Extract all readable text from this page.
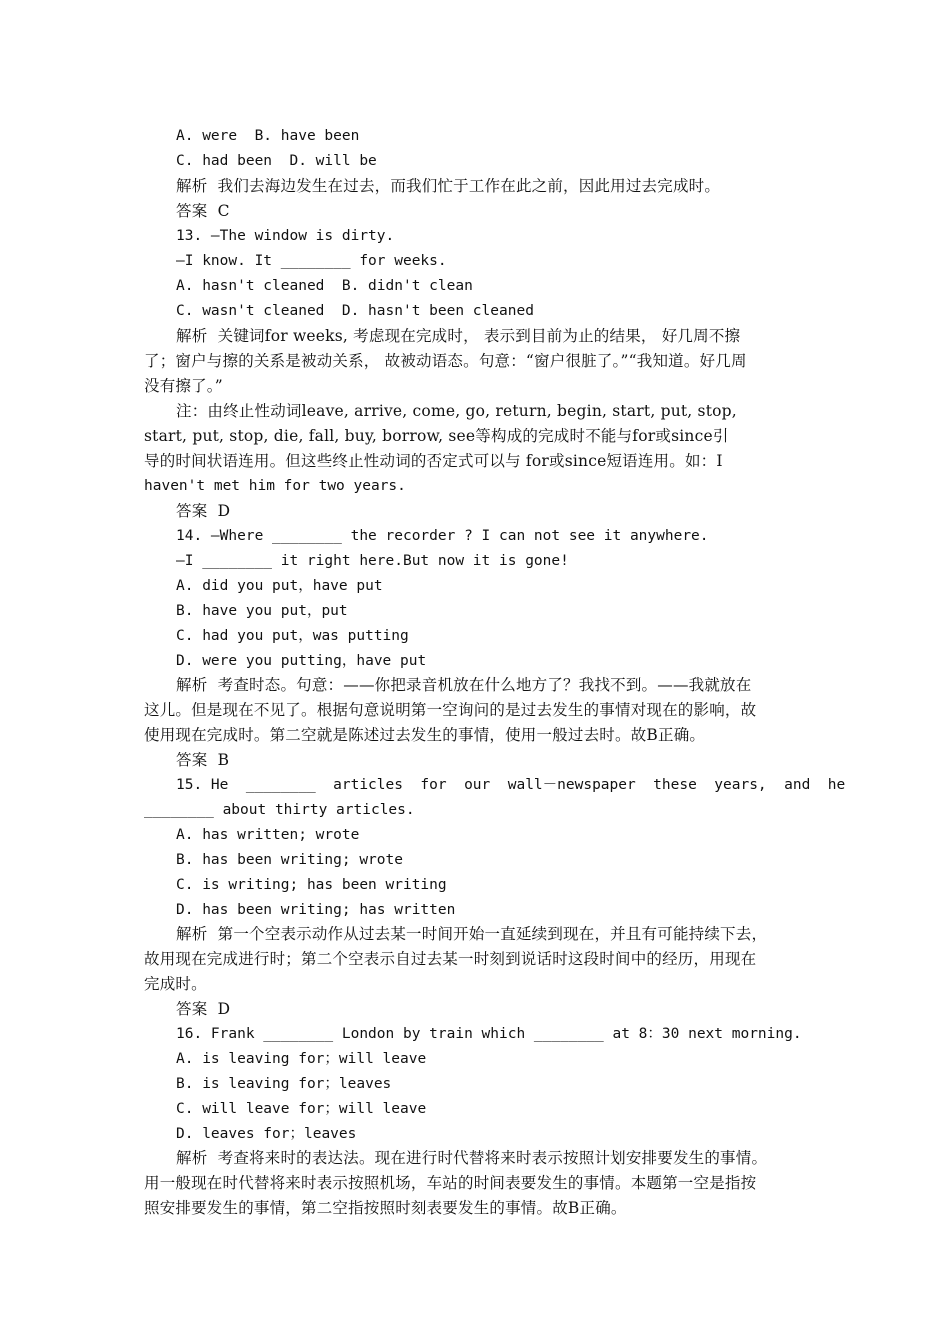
A. were  B. have been
C. had been  D. will be
解析  我们去海边发生在过去，而我们忙于工作在此之前，因此用过去完成时。
答案  C
13. —The window is dirty.
—I know. It ________ for weeks.
A. hasn't cleaned  B. didn't clean
C. wasn't cleaned  D. hasn't been cleaned
解析  关键词for weeks, 考虑现在完成时， 表示到目前为止的结果， 好几周不擦
了；窗户与擦的关系是被动关系， 故被动语态。句意：“窗户很脏了。”“我知道。好几周
没有擦了。”
注：由终止性动词leave, arrive, come, go, return, begin, start, put, stop,
start, put, stop, die, fall, buy, borrow, see等构成的完成时不能与for或since引
导的时间状语连用。但这些终止性动词的否定式可以与 for或since短语连用。如：I
haven't met him for two years.
答案  D
14. —Where ________ the recorder ? I can not see it anywhere.
—I ________ it right here.But now it is gone!
A. did you put，have put
B. have you put，put
C. had you put，was putting
D. were you putting，have put
解析  考查时态。句意：——你把录音机放在什么地方了？我找不到。——我就放在
这儿。但是现在不见了。根据句意说明第一空询问的是过去发生的事情对现在的影响，故
使用现在完成时。第二空就是陈述过去发生的事情，使用一般过去时。故B正确。
答案  B
15. He  ________  articles  for  our  wall－newspaper  these  years,  and  he
________ about thirty articles.
A. has written; wrote
B. has been writing; wrote
C. is writing; has been writing
D. has been writing; has written
解析  第一个空表示动作从过去某一时间开始一直延续到现在，并且有可能持续下去，
故用现在完成进行时；第二个空表示自过去某一时刻到说话时这段时间中的经历，用现在
完成时。
答案  D
16. Frank ________ London by train which ________ at 8：30 next morning.
A. is leaving for；will leave
B. is leaving for；leaves
C. will leave for；will leave
D. leaves for；leaves
解析  考查将来时的表达法。现在进行时代替将来时表示按照计划安排要发生的事情。
用一般现在时代替将来时表示按照机场，车站的时间表要发生的事情。本题第一空是指按
照安排要发生的事情，第二空指按照时刻表要发生的事情。故B正确。
